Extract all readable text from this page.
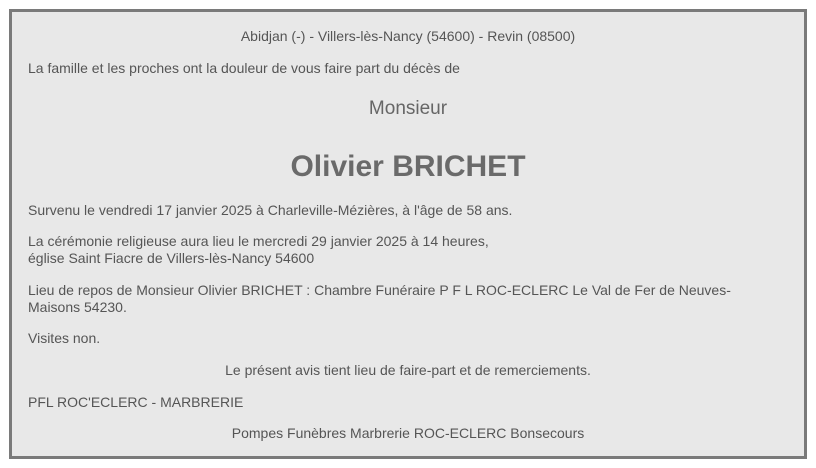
Abidjan (-) - Villers-lès-Nancy (54600) - Revin (08500)
La famille et les proches ont la douleur de vous faire part du décès de
Monsieur
Olivier BRICHET
Survenu le vendredi 17 janvier 2025 à Charleville-Mézières, à l'âge de 58 ans.
La cérémonie religieuse aura lieu le mercredi 29 janvier 2025 à 14 heures,
église Saint Fiacre de Villers-lès-Nancy 54600
Lieu de repos de Monsieur Olivier BRICHET : Chambre Funéraire P F L ROC-ECLERC Le Val de Fer de Neuves-
Maisons 54230.
Visites non.
Le présent avis tient lieu de faire-part et de remerciements.
PFL ROC'ECLERC - MARBRERIE
Pompes Funèbres Marbrerie ROC-ECLERC Bonsecours
